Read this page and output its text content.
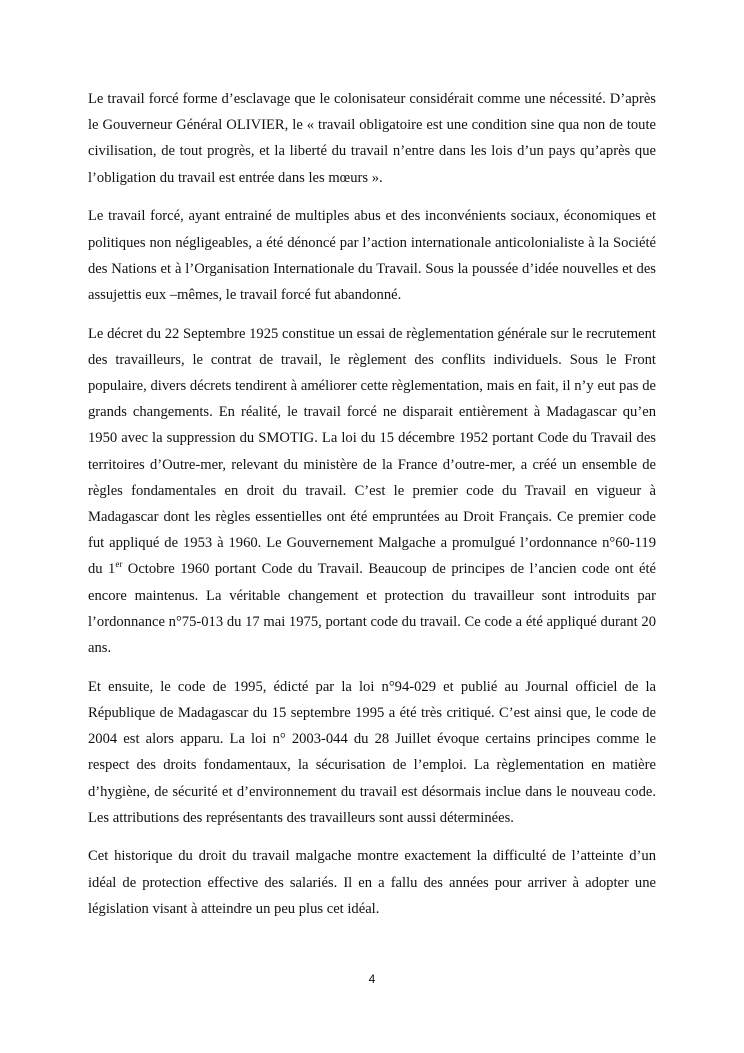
Le travail forcé forme d’esclavage que le colonisateur considérait comme une nécessité. D’après le Gouverneur Général OLIVIER, le « travail obligatoire est une condition sine qua non de toute civilisation, de tout progrès, et la liberté du travail n’entre dans les lois d’un pays qu’après que l’obligation du travail est entrée dans les mœurs ».

Le travail forcé, ayant entrainé de multiples abus et des inconvénients sociaux, économiques et politiques non négligeables, a été dénoncé par l’action internationale anticolonialiste à la Société des Nations et à l’Organisation Internationale du Travail. Sous la poussée d’idée nouvelles et des assujettis eux –mêmes, le travail forcé fut abandonné.

Le décret du 22 Septembre 1925 constitue un essai de règlementation générale sur le recrutement des travailleurs, le contrat de travail, le règlement des conflits individuels. Sous le Front populaire, divers décrets tendirent à améliorer cette règlementation, mais en fait, il n’y eut pas de grands changements. En réalité, le travail forcé ne disparait entièrement à Madagascar qu’en 1950 avec la suppression du SMOTIG. La loi du 15 décembre 1952 portant Code du Travail des territoires d’Outre-mer, relevant du ministère de la France d’outre-mer, a créé un ensemble de règles fondamentales en droit du travail. C’est le premier code du Travail en vigueur à Madagascar dont les règles essentielles ont été empruntées au Droit Français. Ce premier code fut appliqué de 1953 à 1960. Le Gouvernement Malgache a promulgué l’ordonnance n°60-119 du 1er Octobre 1960 portant Code du Travail. Beaucoup de principes de l’ancien code ont été encore maintenus. La véritable changement et protection du travailleur sont introduits par l’ordonnance n°75-013 du 17 mai 1975, portant code du travail. Ce code a été appliqué durant 20 ans.

Et ensuite, le code de 1995, édicté par la loi n°94-029 et publié au Journal officiel de la République de Madagascar du 15 septembre 1995 a été très critiqué. C’est ainsi que, le code de 2004 est alors apparu. La loi n° 2003-044 du 28 Juillet évoque certains principes comme le respect des droits fondamentaux, la sécurisation de l’emploi. La règlementation en matière d’hygiène, de sécurité et d’environnement du travail est désormais inclue dans le nouveau code. Les attributions des représentants des travailleurs sont aussi déterminées.

Cet historique du droit du travail malgache montre exactement la difficulté de l’atteinte d’un idéal de protection effective des salariés. Il en a fallu des années pour arriver à adopter une législation visant à atteindre un peu plus cet idéal.

4
